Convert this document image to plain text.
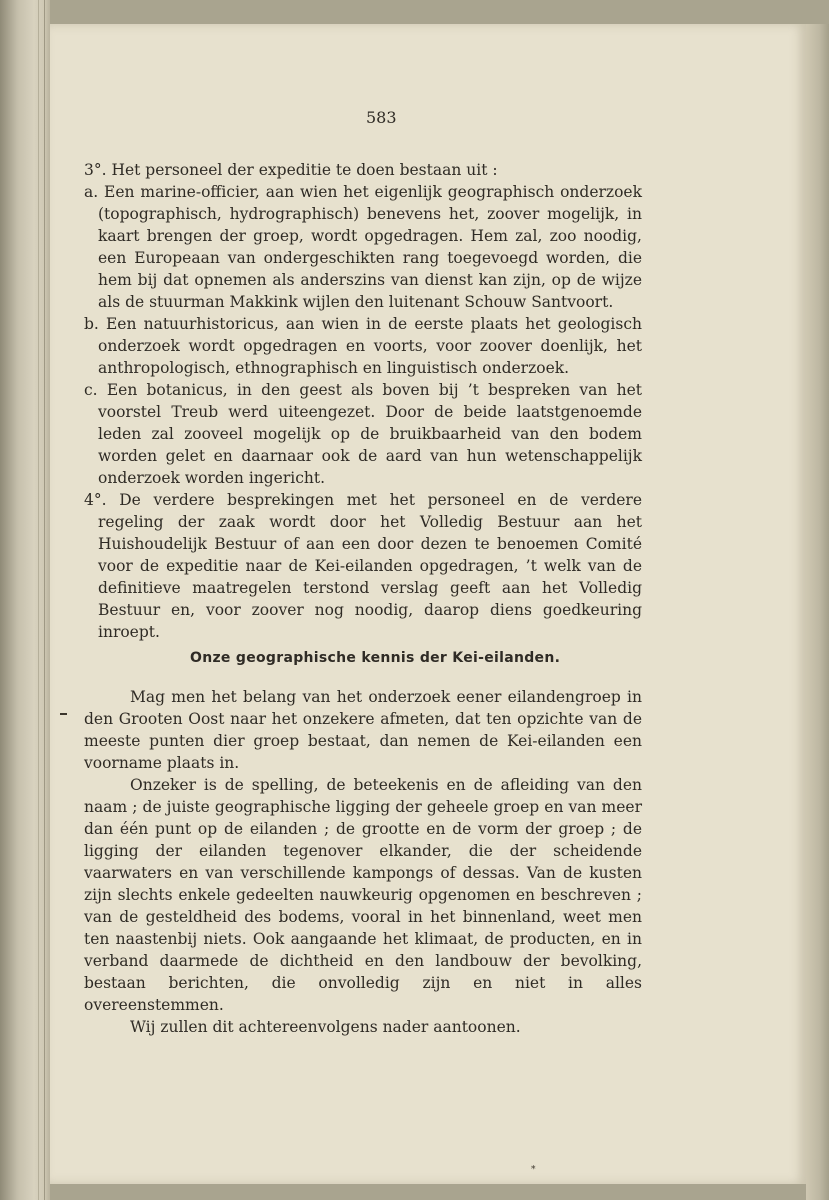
583

3°. Het personeel der expeditie te doen bestaan uit :

a. Een marine-officier, aan wien het eigenlijk geographisch onderzoek (topographisch, hydrographisch) benevens het, zoover mogelijk, in kaart brengen der groep, wordt opgedragen. Hem zal, zoo noodig, een Europeaan van ondergeschikten rang toegevoegd worden, die hem bij dat opnemen als anderszins van dienst kan zijn, op de wijze als de stuurman Makkink wijlen den luitenant Schouw Santvoort.

b. Een natuurhistoricus, aan wien in de eerste plaats het geologisch onderzoek wordt opgedragen en voorts, voor zoover doenlijk, het anthropologisch, ethnographisch en linguistisch onderzoek.

c. Een botanicus, in den geest als boven bij ’t bespreken van het voorstel Treub werd uiteengezet. Door de beide laatstgenoemde leden zal zooveel mogelijk op de bruikbaarheid van den bodem worden gelet en daarnaar ook de aard van hun wetenschappelijk onderzoek worden ingericht.

4°. De verdere besprekingen met het personeel en de verdere regeling der zaak wordt door het Volledig Bestuur aan het Huishoudelijk Bestuur of aan een door dezen te benoemen Comité voor de expeditie naar de Kei-eilanden opgedragen, ’t welk van de definitieve maatregelen terstond verslag geeft aan het Volledig Bestuur en, voor zoover nog noodig, daarop diens goedkeuring inroept.

Onze geographische kennis der Kei-eilanden.

Mag men het belang van het onderzoek eener eilandengroep in den Grooten Oost naar het onzekere afmeten, dat ten opzichte van de meeste punten dier groep bestaat, dan nemen de Kei-eilanden een voorname plaats in.

Onzeker is de spelling, de beteekenis en de afleiding van den naam ; de juiste geographische ligging der geheele groep en van meer dan één punt op de eilanden ; de grootte en de vorm der groep ; de ligging der eilanden tegenover elkander, die der scheidende vaarwaters en van verschillende kampongs of dessas. Van de kusten zijn slechts enkele gedeelten nauwkeurig opgenomen en beschreven ; van de gesteldheid des bodems, vooral in het binnenland, weet men ten naastenbij niets. Ook aangaande het klimaat, de producten, en in verband daarmede de dichtheid en den landbouw der bevolking, bestaan berichten, die onvolledig zijn en niet in alles overeenstemmen.

Wij zullen dit achtereenvolgens nader aantoonen.

*
